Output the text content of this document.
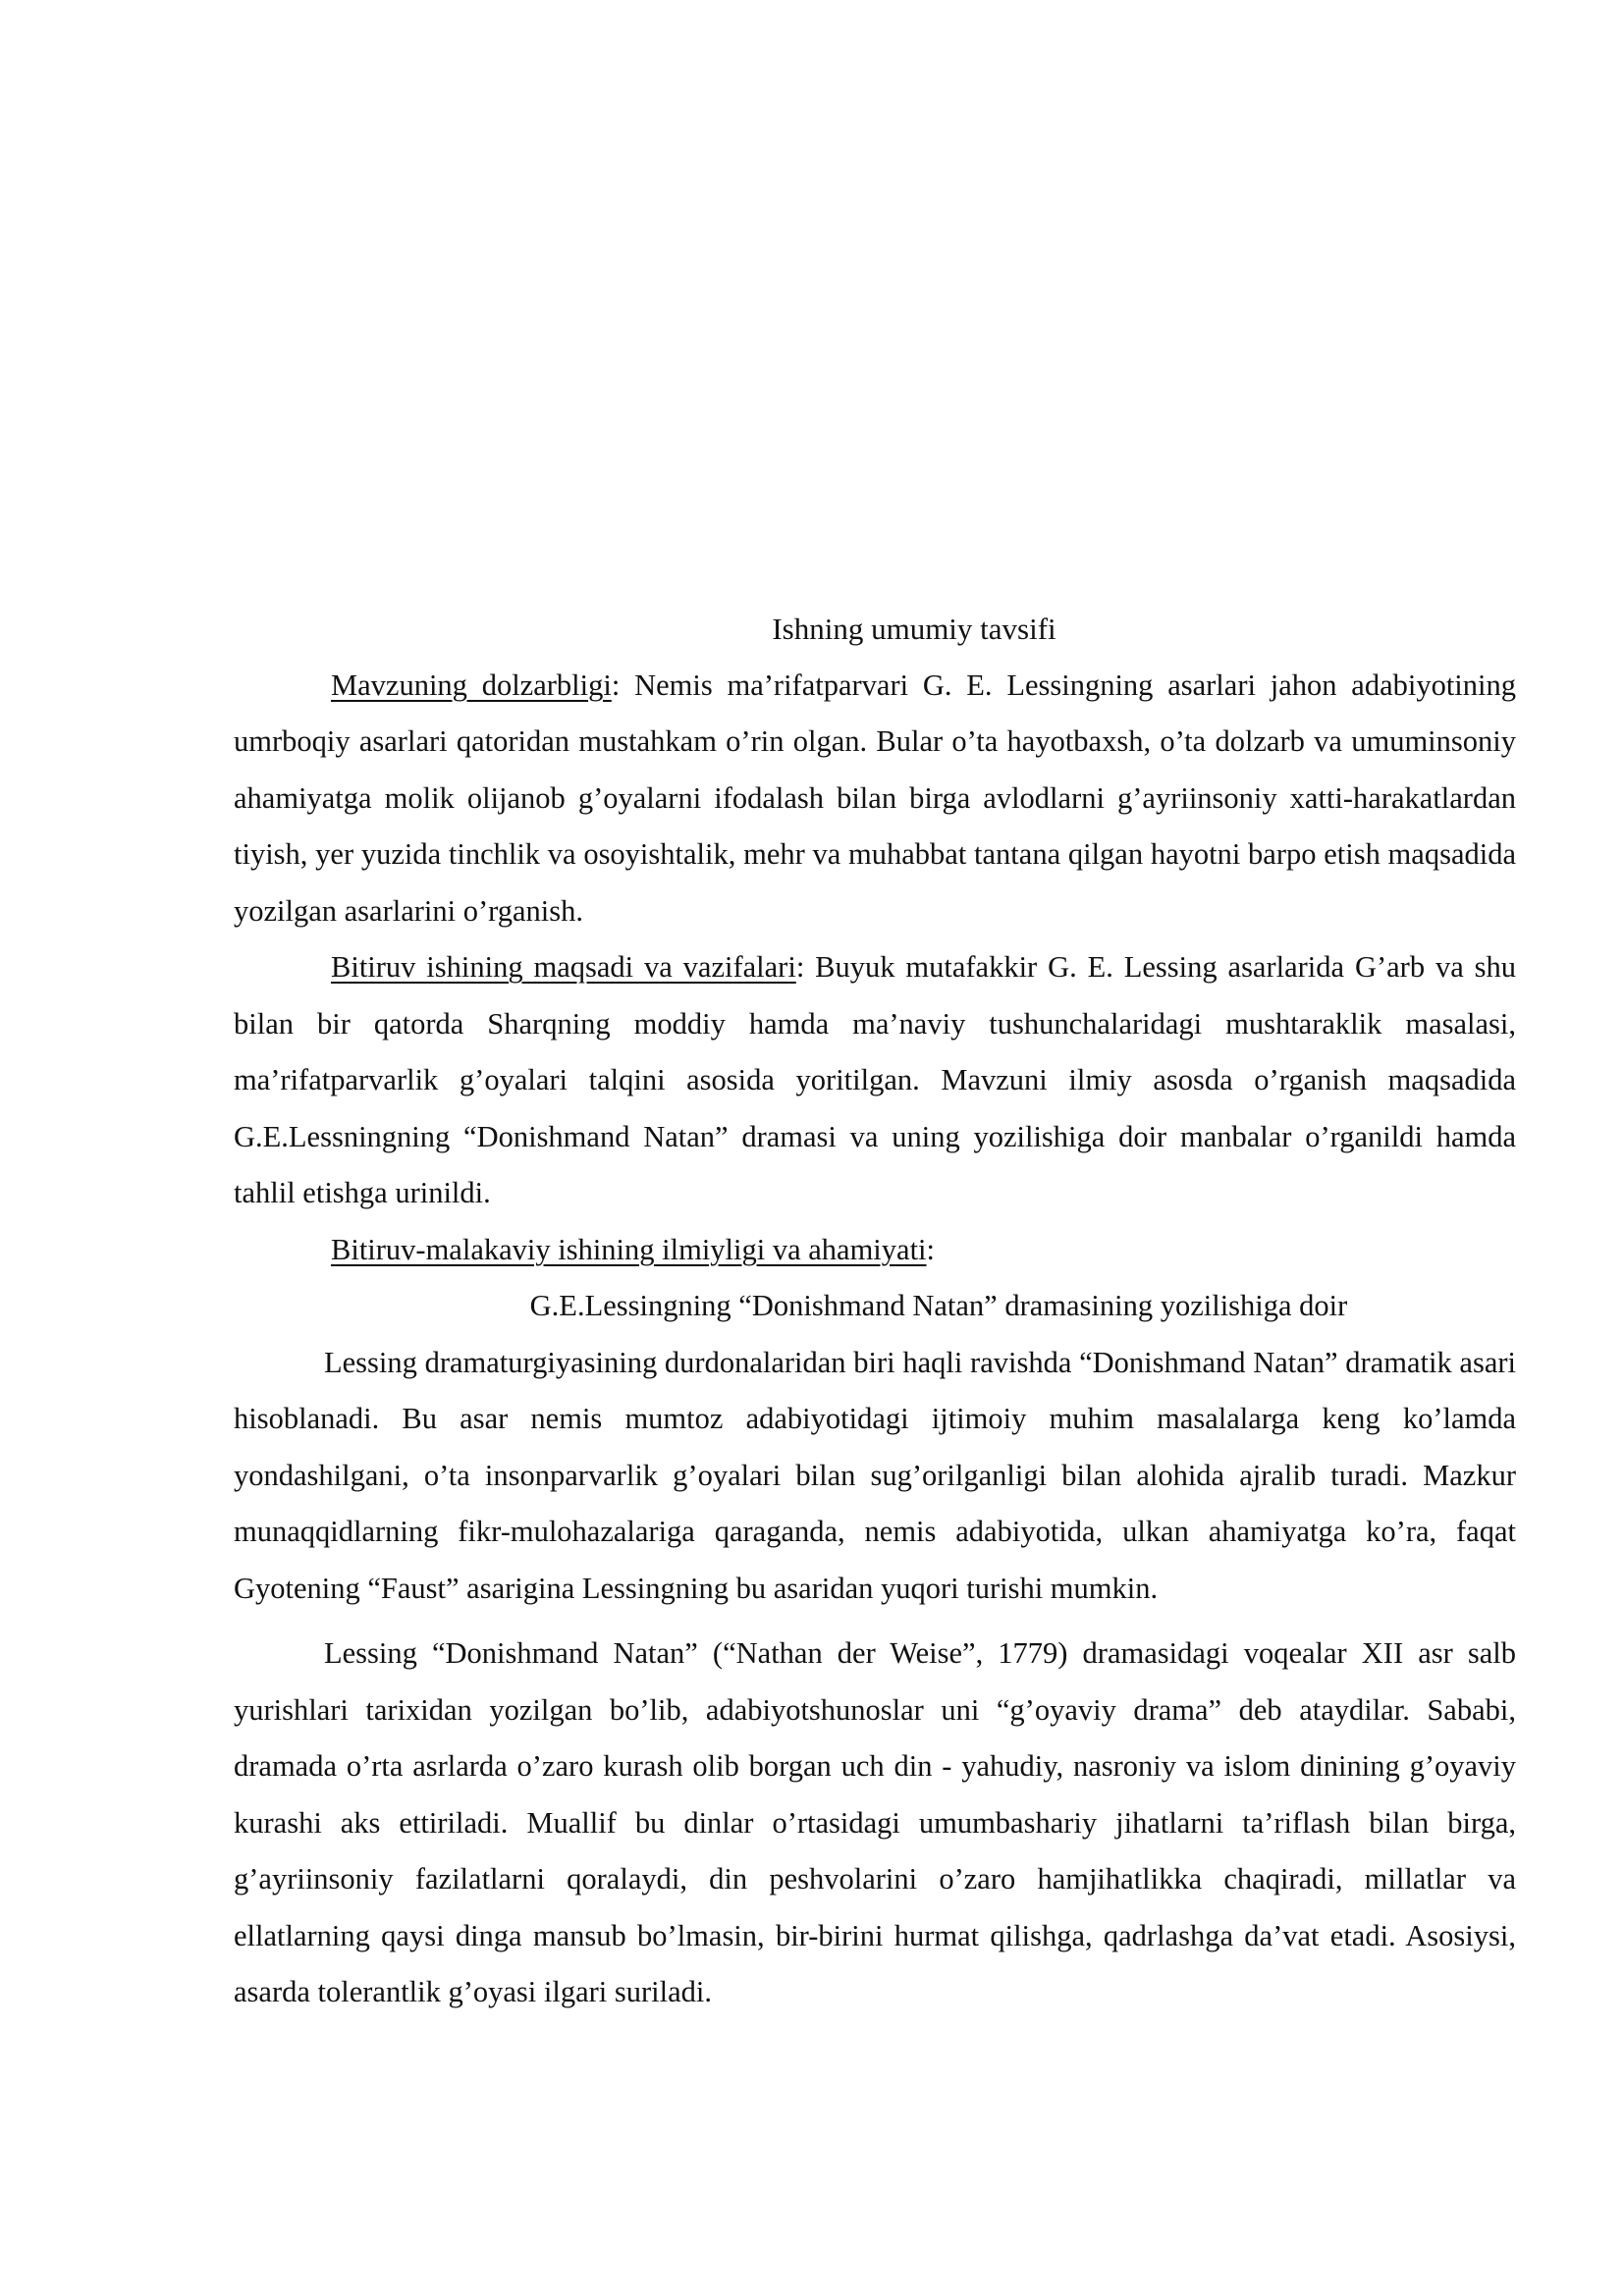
Ishning umumiy tavsifi

Mavzuning dolzarbligi: Nemis ma’rifatparvari G. E. Lessingning asarlari jahon adabiyotining umrboqiy asarlari qatoridan mustahkam o’rin olgan. Bular o’ta hayotbaxsh, o’ta dolzarb va umuminsoniy ahamiyatga molik olijanob g’oyalarni ifodalash bilan birga avlodlarni g’ayriinsoniy xatti-harakatlardan tiyish, yer yuzida tinchlik va osoyishtalik, mehr va muhabbat tantana qilgan hayotni barpo etish maqsadida yozilgan asarlarini o’rganish.

Bitiruv ishining maqsadi va vazifalari: Buyuk mutafakkir G. E. Lessing asarlarida G’arb va shu bilan bir qatorda Sharqning moddiy hamda ma’naviy tushunchalaridagi mushtaraklik masalasi, ma’rifatparvarlik g’oyalari talqini asosida yoritilgan. Mavzuni ilmiy asosda o’rganish maqsadida G.E.Lessningning “Donishmand Natan” dramasi va uning yozilishiga doir manbalar o’rganildi hamda tahlil etishga urinildi.

Bitiruv-malakaviy ishining ilmiyligi va ahamiyati:
G.E.Lessingning “Donishmand Natan” dramasining yozilishiga doir

Lessing dramaturgiyasining durdonalaridan biri haqli ravishda “Donishmand Natan” dramatik asari hisoblanadi. Bu asar nemis mumtoz adabiyotidagi ijtimoiy muhim masalalarga keng ko’lamda yondashilgani, o’ta insonparvarlik g’oyalari bilan sug’orilganligi bilan alohida ajralib turadi. Mazkur munaqqidlarning fikr-mulohazalariga qaraganda, nemis adabiyotida, ulkan ahamiyatga ko’ra, faqat Gyotening “Faust” asarigina Lessingning bu asaridan yuqori turishi mumkin.

Lessing “Donishmand Natan” (“Nathan der Weise”, 1779) dramasidagi voqealar XII asr salb yurishlari tarixidan yozilgan bo’lib, adabiyotshunoslar uni “g’oyaviy drama” deb ataydilar. Sababi, dramada o’rta asrlarda o’zaro kurash olib borgan uch din - yahudiy, nasroniy va islom dinining g’oyaviy kurashi aks ettiriladi. Muallif bu dinlar o’rtasidagi umumbashariy jihatlarni ta’riflash bilan birga, g’ayriinsoniy fazilatlarni qoralaydi, din peshvolarini o’zaro hamjihatlikka chaqiradi, millatlar va ellatlarning qaysi dinga mansub bo’lmasin, bir-birini hurmat qilishga, qadrlashga da’vat etadi. Asosiysi, asarda tolerantlik g’oyasi ilgari suriladi.
